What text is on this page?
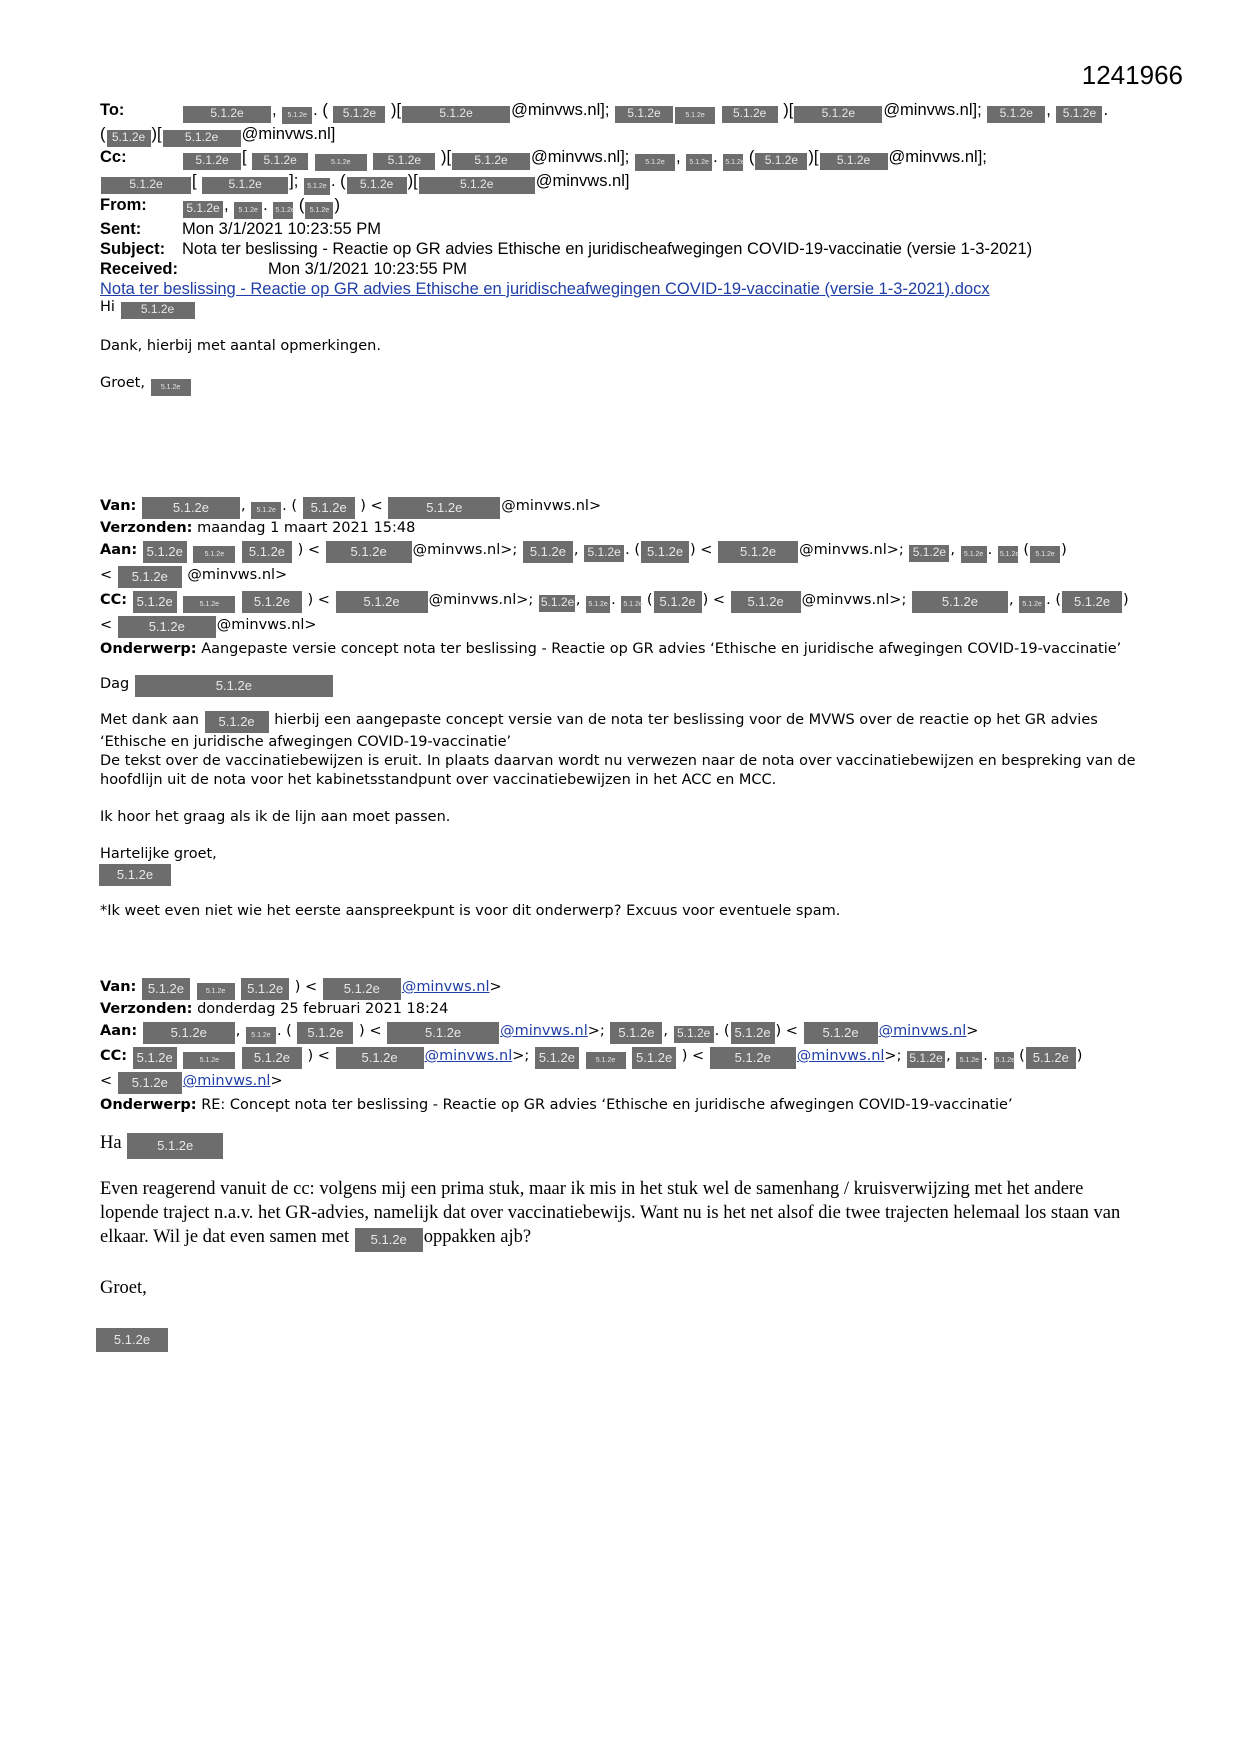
1241966
To:	5.1.2e , 5.1.2e . ( 5.1.2e )[	5.1.2e @minvws.nl]; 5.1.2e	5.1.2e 5.1.2e )[ 5.1.2e @minvws.nl]; 5.1.2e , 5.1.2e .
( 5.1.2e )[ 5.1.2e @minvws.nl]
Cc:	5.1.2e [ 5.1.2e	5.1.2e	5.1.2e )[ 5.1.2e @minvws.nl]; 5.1.2e , 5.1.2e . 5.1.2e ( 5.1.2e )[ 5.1.2e @minvws.nl];
5.1.2e [ 5.1.2e ]; 5.1.2e . ( 5.1.2e )[	5.1.2e	@minvws.nl]
From:	5.1.2e , 5.1.2e . 5.1.2e ( 5.1.2e )
Sent: Mon 3/1/2021 10:23:55 PM
Subject: Nota ter beslissing - Reactie op GR advies Ethische en juridischeafwegingen COVID-19-vaccinatie (versie 1-3-2021)
Received:	Mon 3/1/2021 10:23:55 PM
Nota ter beslissing - Reactie op GR advies Ethische en juridischeafwegingen COVID-19-vaccinatie (versie 1-3-2021).docx

Hi 5.1.2e

Dank, hierbij met aantal opmerkingen.

Groet, 5.1.2e

Van:	5.1.2e , 5.1.2e . ( 5.1.2e ) <	5.1.2e	@minvws.nl>
Verzonden: maandag 1 maart 2021 15:48
Aan: 5.1.2e	5.1.2e 5.1.2e ) < 5.1.2e @minvws.nl>; 5.1.2e , 5.1.2e . ( 5.1.2e ) < 5.1.2e @minvws.nl>; 5.1.2e , 5.1.2e . 5.1.2e ( 5.1.2e )
< 5.1.2e @minvws.nl>
CC: 5.1.2e	5.1.2e	5.1.2e ) < 5.1.2e @minvws.nl>; 5.1.2e , 5.1.2e . 5.1.2e ( 5.1.2e ) < 5.1.2e @minvws.nl>;	5.1.2e , 5.1.2e . ( 5.1.2e )
< 5.1.2e @minvws.nl>
Onderwerp: Aangepaste versie concept nota ter beslissing - Reactie op GR advies ‘Ethische en juridische afwegingen COVID-19-vaccinatie’

Dag	5.1.2e

Met dank aan 5.1.2e hierbij een aangepaste concept versie van de nota ter beslissing voor de MVWS over de reactie op het GR advies ‘Ethische en juridische afwegingen COVID-19-vaccinatie’

De tekst over de vaccinatiebewijzen is eruit. In plaats daarvan wordt nu verwezen naar de nota over vaccinatiebewijzen en bespreking van de hoofdlijn uit de nota voor het kabinetsstandpunt over vaccinatiebewijzen in het ACC en MCC.

Ik hoor het graag als ik de lijn aan moet passen.

Hartelijke groet,

5.1.2e

*Ik weet even niet wie het eerste aanspreekpunt is voor dit onderwerp? Excuus voor eventuele spam.

Van: 5.1.2e	5.1.2e 5.1.2e ) < 5.1.2e @minvws.nl>
Verzonden: donderdag 25 februari 2021 18:24
Aan:	5.1.2e , 5.1.2e . ( 5.1.2e ) <	5.1.2e	@minvws.nl>; 5.1.2e , 5.1.2e . ( 5.1.2e ) < 5.1.2e @minvws.nl>
CC: 5.1.2e	5.1.2e	5.1.2e ) < 5.1.2e @minvws.nl>; 5.1.2e	5.1.2e 5.1.2e ) < 5.1.2e @minvws.nl>; 5.1.2e , 5.1.2e . 5.1.2e ( 5.1.2e )
< 5.1.2e @minvws.nl>
Onderwerp: RE: Concept nota ter beslissing - Reactie op GR advies ‘Ethische en juridische afwegingen COVID-19-vaccinatie’

Ha	5.1.2e

Even reagerend vanuit de cc: volgens mij een prima stuk, maar ik mis in het stuk wel de samenhang / kruisverwijzing met het andere lopende traject n.a.v. het GR-advies, namelijk dat over vaccinatiebewijs. Want nu is het net alsof die twee trajecten helemaal los staan van elkaar. Wil je dat even samen met 5.1.2e oppakken ajb?

Groet,

5.1.2e
